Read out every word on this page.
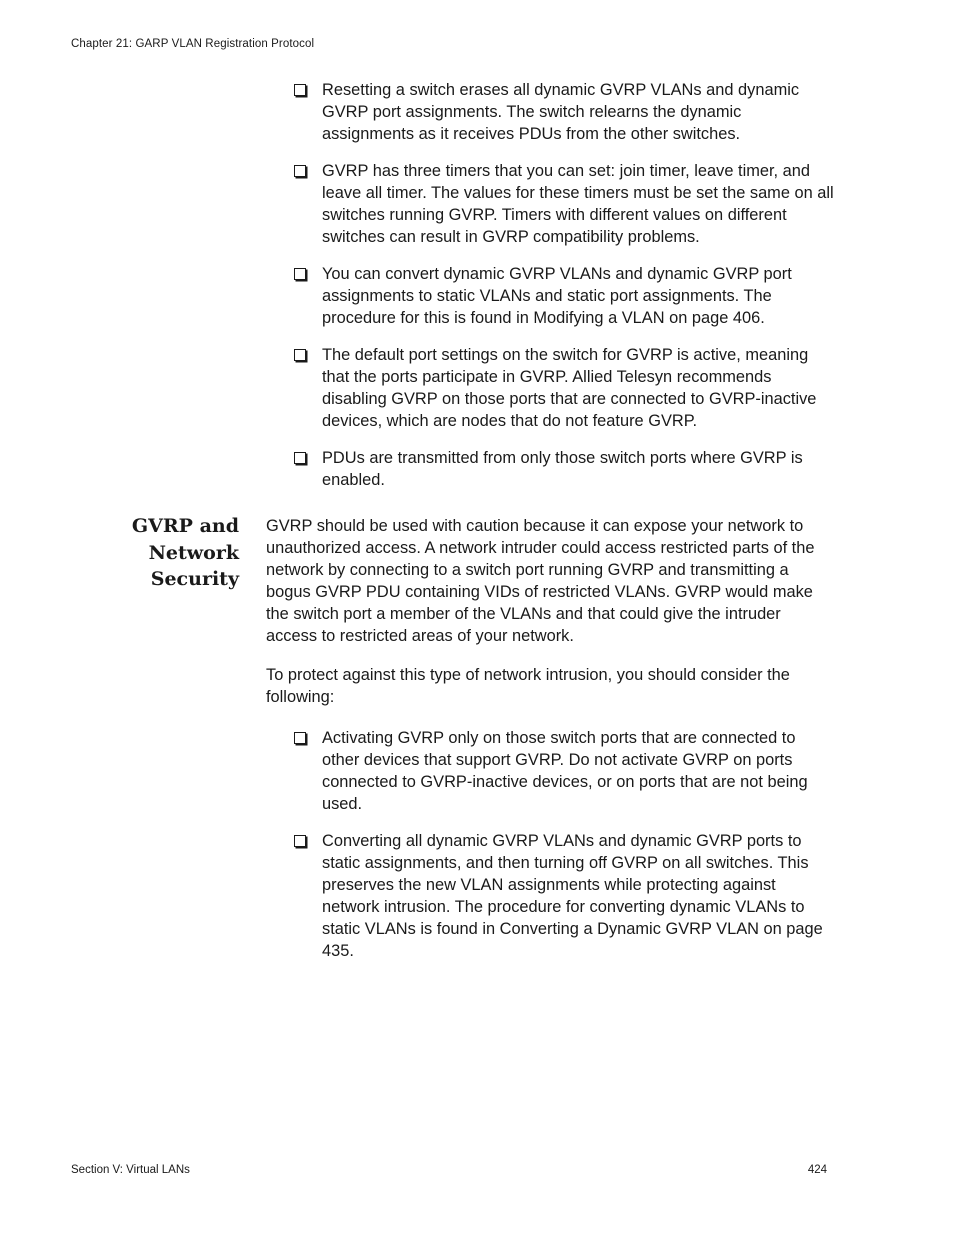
Chapter 21: GARP VLAN Registration Protocol
Resetting a switch erases all dynamic GVRP VLANs and dynamic GVRP port assignments. The switch relearns the dynamic assignments as it receives PDUs from the other switches.
GVRP has three timers that you can set: join timer, leave timer, and leave all timer. The values for these timers must be set the same on all switches running GVRP. Timers with different values on different switches can result in GVRP compatibility problems.
You can convert dynamic GVRP VLANs and dynamic GVRP port assignments to static VLANs and static port assignments. The procedure for this is found in Modifying a VLAN on page 406.
The default port settings on the switch for GVRP is active, meaning that the ports participate in GVRP. Allied Telesyn recommends disabling GVRP on those ports that are connected to GVRP-inactive devices, which are nodes that do not feature GVRP.
PDUs are transmitted from only those switch ports where GVRP is enabled.
GVRP and
Network
Security

GVRP should be used with caution because it can expose your network to unauthorized access. A network intruder could access restricted parts of the network by connecting to a switch port running GVRP and transmitting a bogus GVRP PDU containing VIDs of restricted VLANs. GVRP would make the switch port a member of the VLANs and that could give the intruder access to restricted areas of your network.

To protect against this type of network intrusion, you should consider the following:

Activating GVRP only on those switch ports that are connected to other devices that support GVRP. Do not activate GVRP on ports connected to GVRP-inactive devices, or on ports that are not being used.
Converting all dynamic GVRP VLANs and dynamic GVRP ports to static assignments, and then turning off GVRP on all switches. This preserves the new VLAN assignments while protecting against network intrusion. The procedure for converting dynamic VLANs to static VLANs is found in Converting a Dynamic GVRP VLAN on page 435.
Section V: Virtual LANs	424
